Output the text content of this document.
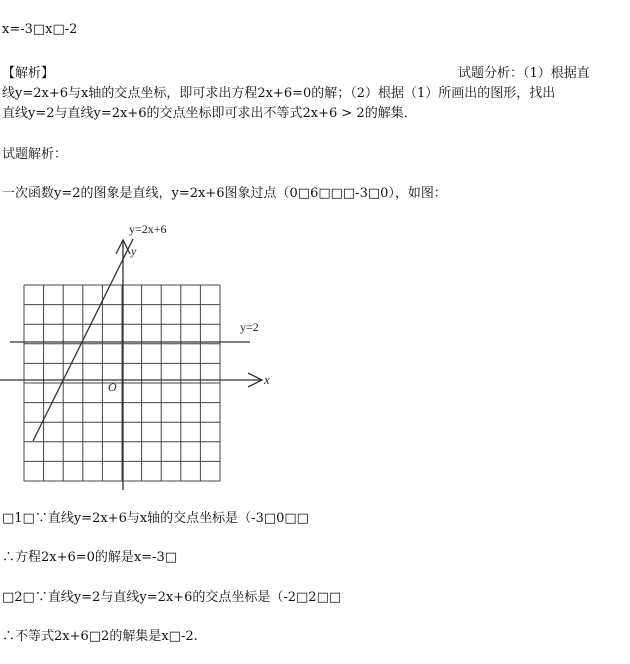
x=-3□x□-2
【解析】	试题分析：（1）根据直
线y=2x+6与x轴的交点坐标，即可求出方程2x+6=0的解；（2）根据（1）所画出的图形，找出
直线y=2与直线y=2x+6的交点坐标即可求出不等式2x+6 > 2的解集．
试题解析：
一次函数y=2的图象是直线，y=2x+6图象过点（0□6□□□-3□0），如图：
y=2x+6
y=2
y
x
O
□1□∵直线y=2x+6与x轴的交点坐标是（-3□0□□
∴方程2x+6=0的解是x=-3□
□2□∵直线y=2与直线y=2x+6的交点坐标是（-2□2□□
∴不等式2x+6□2的解集是x□-2.
